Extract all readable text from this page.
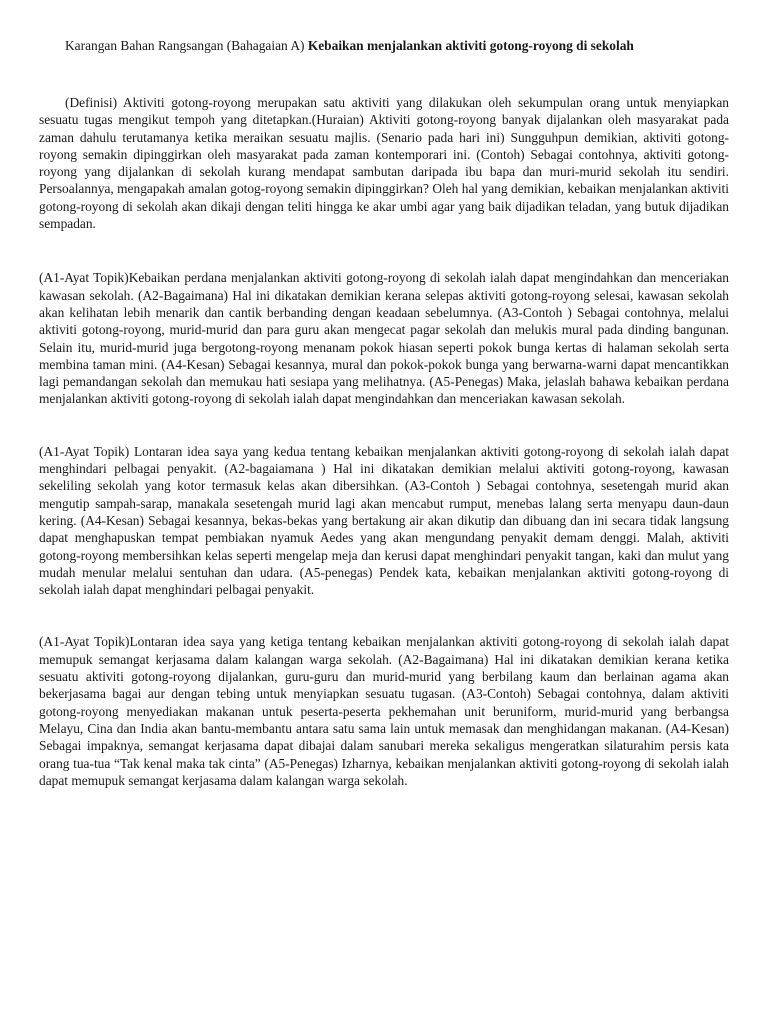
Karangan Bahan Rangsangan (Bahagaian A) Kebaikan menjalankan aktiviti gotong-royong di sekolah

(Definisi) Aktiviti gotong-royong merupakan satu aktiviti yang dilakukan oleh sekumpulan orang untuk menyiapkan sesuatu tugas mengikut tempoh yang ditetapkan.(Huraian) Aktiviti gotong-royong banyak dijalankan oleh masyarakat pada zaman dahulu terutamanya ketika meraikan sesuatu majlis. (Senario pada hari ini) Sungguhpun demikian, aktiviti gotong-royong semakin dipinggirkan oleh masyarakat pada zaman kontemporari ini. (Contoh) Sebagai contohnya, aktiviti gotong-royong yang dijalankan di sekolah kurang mendapat sambutan daripada ibu bapa dan muri-murid sekolah itu sendiri. Persoalannya, mengapakah amalan gotog-royong semakin dipinggirkan? Oleh hal yang demikian, kebaikan menjalankan aktiviti gotong-royong di sekolah akan dikaji dengan teliti hingga ke akar umbi agar yang baik dijadikan teladan, yang butuk dijadikan sempadan.

(A1-Ayat Topik)Kebaikan perdana menjalankan aktiviti gotong-royong di sekolah ialah dapat mengindahkan dan menceriakan kawasan sekolah. (A2-Bagaimana) Hal ini dikatakan demikian kerana selepas aktiviti gotong-royong selesai, kawasan sekolah akan kelihatan lebih menarik dan cantik berbanding dengan keadaan sebelumnya. (A3-Contoh ) Sebagai contohnya, melalui aktiviti gotong-royong, murid-murid dan para guru akan mengecat pagar sekolah dan melukis mural pada dinding bangunan. Selain itu, murid-murid juga bergotong-royong menanam pokok hiasan seperti pokok bunga kertas di halaman sekolah serta membina taman mini. (A4-Kesan) Sebagai kesannya, mural dan pokok-pokok bunga yang berwarna-warni dapat mencantikkan lagi pemandangan sekolah dan memukau hati sesiapa yang melihatnya. (A5-Penegas) Maka, jelaslah bahawa kebaikan perdana menjalankan aktiviti gotong-royong di sekolah ialah dapat mengindahkan dan menceriakan kawasan sekolah.

(A1-Ayat Topik) Lontaran idea saya yang kedua tentang kebaikan menjalankan aktiviti gotong-royong di sekolah ialah dapat menghindari pelbagai penyakit. (A2-bagaiamana ) Hal ini dikatakan demikian melalui aktiviti gotong-royong, kawasan sekeliling sekolah yang kotor termasuk kelas akan dibersihkan. (A3-Contoh ) Sebagai contohnya, sesetengah murid akan mengutip sampah-sarap, manakala sesetengah murid lagi akan mencabut rumput, menebas lalang serta menyapu daun-daun kering. (A4-Kesan) Sebagai kesannya, bekas-bekas yang bertakung air akan dikutip dan dibuang dan ini secara tidak langsung dapat menghapuskan tempat pembiakan nyamuk Aedes yang akan mengundang penyakit demam denggi. Malah, aktiviti gotong-royong membersihkan kelas seperti mengelap meja dan kerusi dapat menghindari penyakit tangan, kaki dan mulut yang mudah menular melalui sentuhan dan udara. (A5-penegas) Pendek kata, kebaikan menjalankan aktiviti gotong-royong di sekolah ialah dapat menghindari pelbagai penyakit.

(A1-Ayat Topik)Lontaran idea saya yang ketiga tentang kebaikan menjalankan aktiviti gotong-royong di sekolah ialah dapat memupuk semangat kerjasama dalam kalangan warga sekolah. (A2-Bagaimana) Hal ini dikatakan demikian kerana ketika sesuatu aktiviti gotong-royong dijalankan, guru-guru dan murid-murid yang berbilang kaum dan berlainan agama akan bekerjasama bagai aur dengan tebing untuk menyiapkan sesuatu tugasan. (A3-Contoh) Sebagai contohnya, dalam aktiviti gotong-royong menyediakan makanan untuk peserta-peserta pekhemahan unit beruniform, murid-murid yang berbangsa Melayu, Cina dan India akan bantu-membantu antara satu sama lain untuk memasak dan menghidangan makanan. (A4-Kesan) Sebagai impaknya, semangat kerjasama dapat dibajai dalam sanubari mereka sekaligus mengeratkan silaturahim persis kata orang tua-tua “Tak kenal maka tak cinta” (A5-Penegas) Izharnya, kebaikan menjalankan aktiviti gotong-royong di sekolah ialah dapat memupuk semangat kerjasama dalam kalangan warga sekolah.
